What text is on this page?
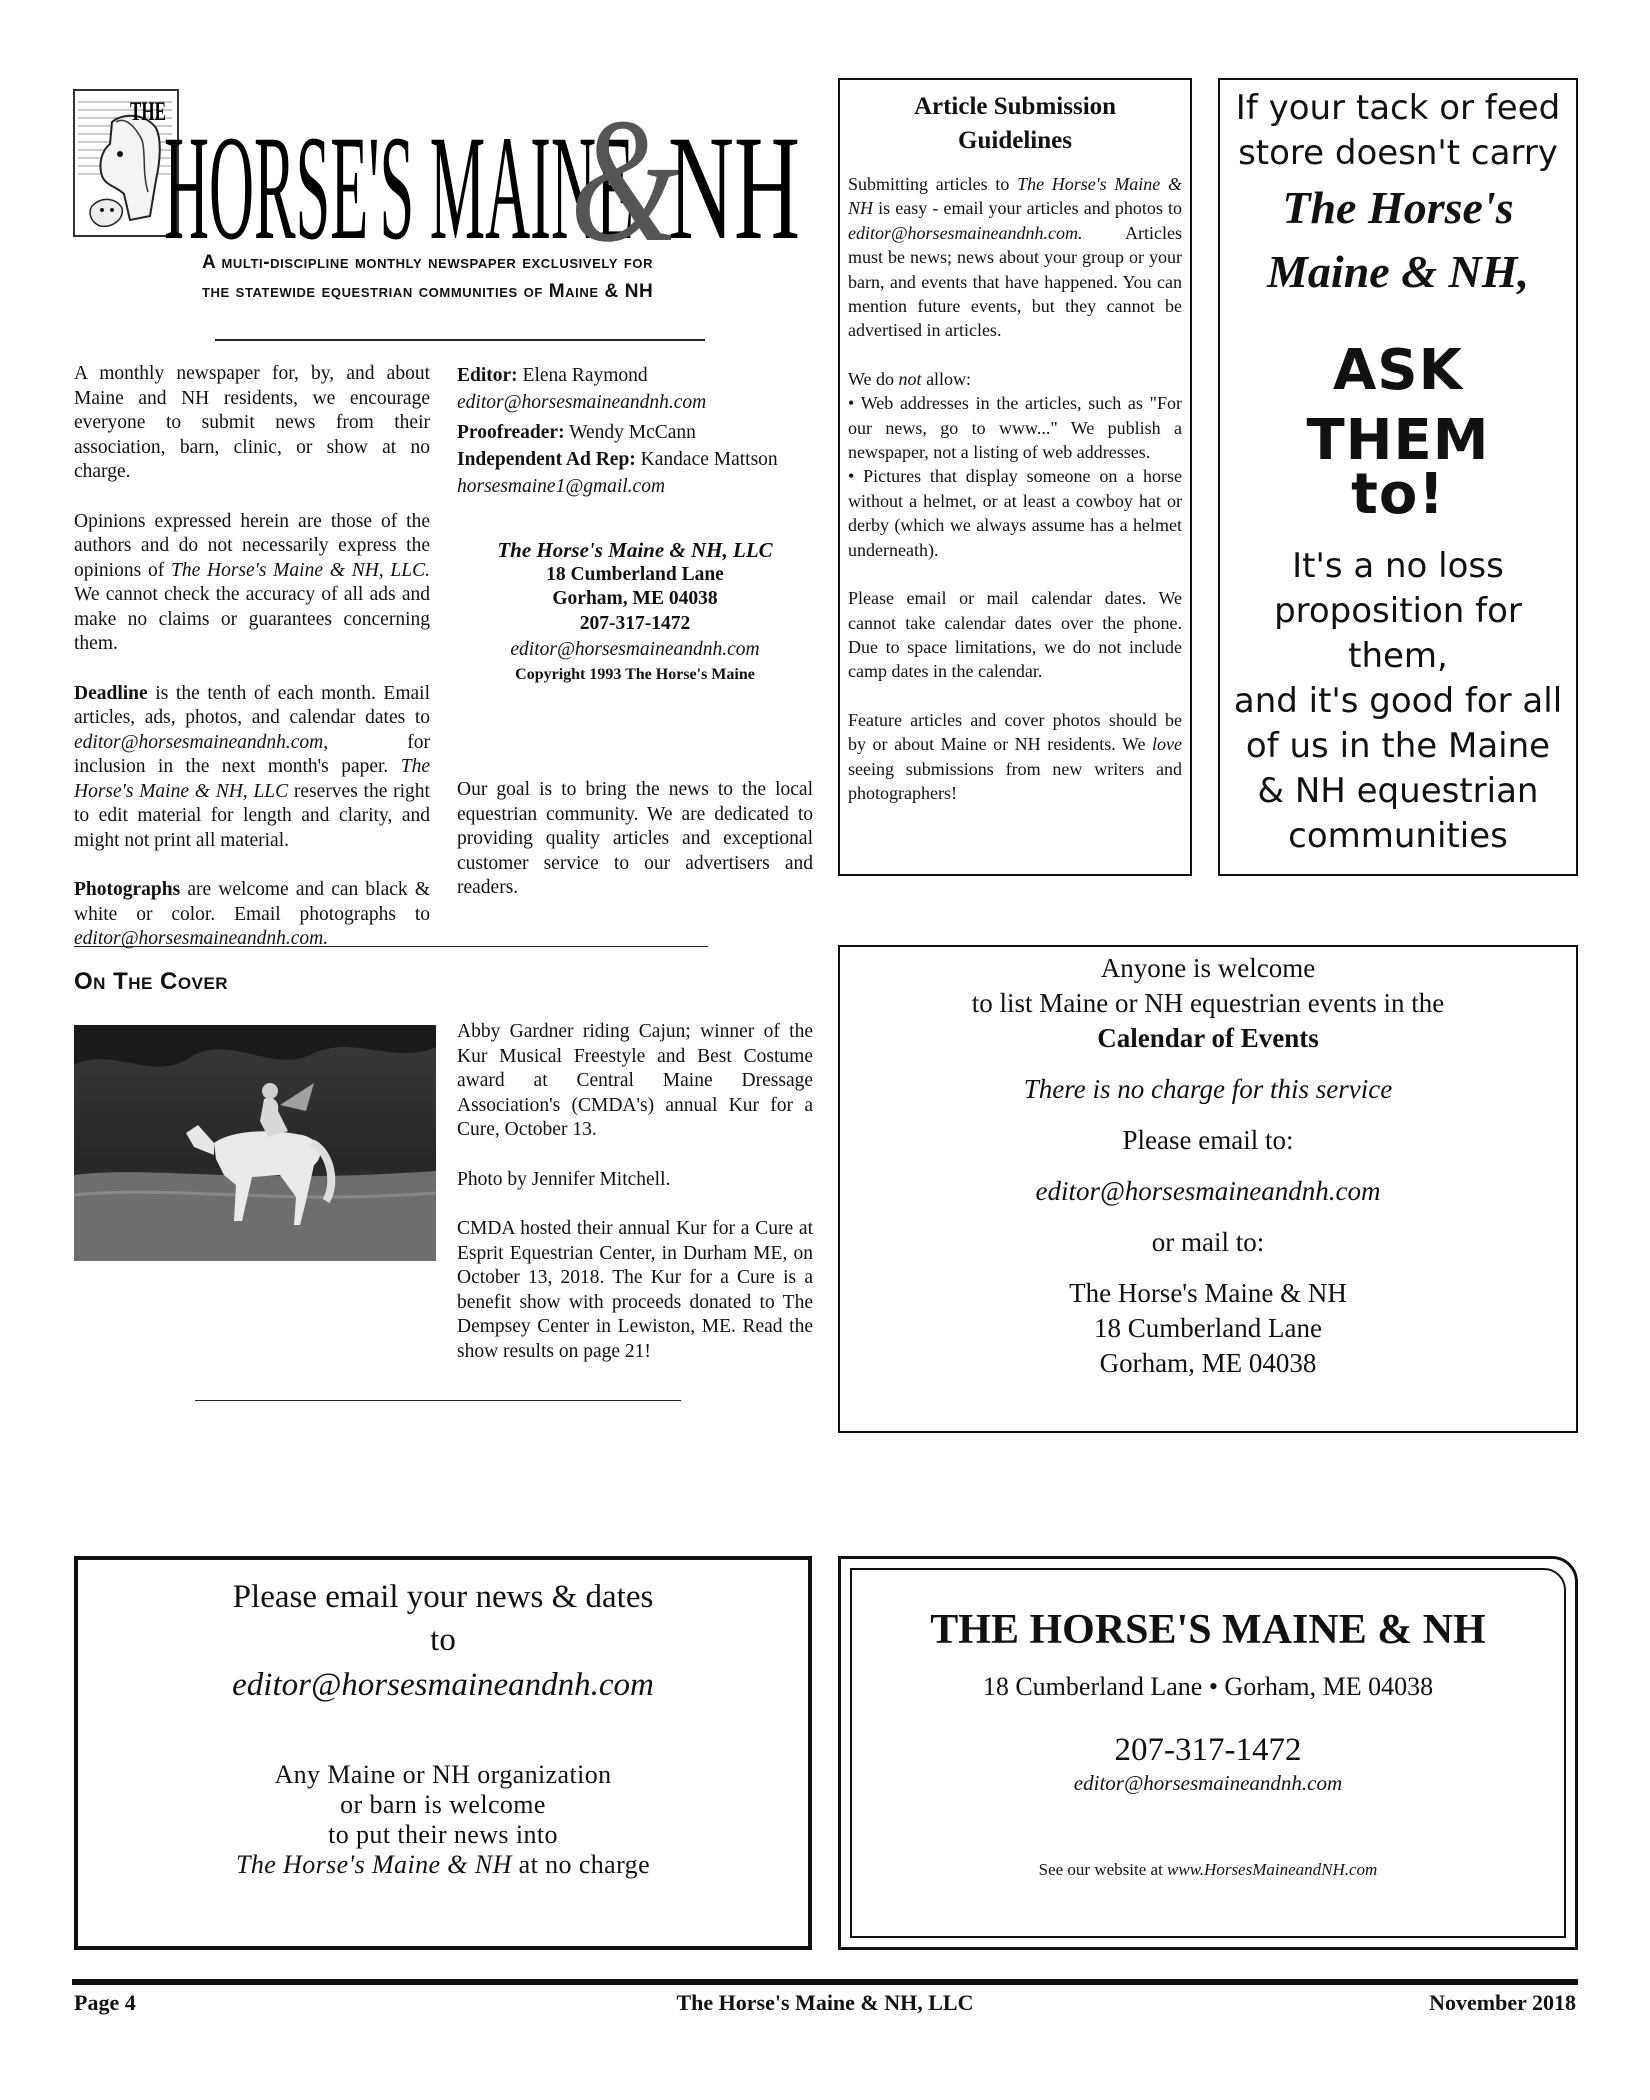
THE
HORSE'S MAINE
&
NH
A multi-discipline monthly newspaper exclusively for
the statewide equestrian communities of Maine & NH

A monthly newspaper for, by, and about Maine and NH residents, we encourage everyone to submit news from their association, barn, clinic, or show at no charge.

Opinions expressed herein are those of the authors and do not necessarily express the opinions of The Horse's Maine & NH, LLC. We cannot check the accuracy of all ads and make no claims or guarantees concerning them.

Deadline is the tenth of each month. Email articles, ads, photos, and calendar dates to editor@horsesmaineandnh.com, for inclusion in the next month's paper. The Horse's Maine & NH, LLC reserves the right to edit material for length and clarity, and might not print all material.

Photographs are welcome and can black & white or color. Email photographs to editor@horsesmaineandnh.com.

Editor: Elena Raymond
editor@horsesmaineandnh.com
Proofreader: Wendy McCann
Independent Ad Rep: Kandace Mattson
horsesmaine1@gmail.com
The Horse's Maine & NH, LLC
18 Cumberland Lane
Gorham, ME 04038
207-317-1472
editor@horsesmaineandnh.com
Copyright 1993 The Horse's Maine
Our goal is to bring the news to the local equestrian community. We are dedicated to providing quality articles and exceptional customer service to our advertisers and readers.
Article Submission
Guidelines

Submitting articles to The Horse's Maine & NH is easy - email your articles and photos to editor@horsesmaineandnh.com. Articles must be news; news about your group or your barn, and events that have happened. You can mention future events, but they cannot be advertised in articles.

We do not allow:
• Web addresses in the articles, such as "For our news, go to www..." We publish a newspaper, not a listing of web addresses.
• Pictures that display someone on a horse without a helmet, or at least a cowboy hat or derby (which we always assume has a helmet underneath).

Please email or mail calendar dates. We cannot take calendar dates over the phone. Due to space limitations, we do not include camp dates in the calendar.

Feature articles and cover photos should be by or about Maine or NH residents. We love seeing submissions from new writers and photographers!

If your tack or feed
store doesn't carry
The Horse's
Maine & NH,
ASK
THEM
to!
It's a no loss
proposition for them,
and it's good for all
of us in the Maine
& NH equestrian
communities
On The Cover

Abby Gardner riding Cajun; winner of the Kur Musical Freestyle and Best Costume award at Central Maine Dressage Association's (CMDA's) annual Kur for a Cure, October 13.

Photo by Jennifer Mitchell.

CMDA hosted their annual Kur for a Cure at Esprit Equestrian Center, in Durham ME, on October 13, 2018. The Kur for a Cure is a benefit show with proceeds donated to The Dempsey Center in Lewiston, ME. Read the show results on page 21!

Anyone is welcome
to list Maine or NH equestrian events in the
Calendar of Events
There is no charge for this service
Please email to:
editor@horsesmaineandnh.com
or mail to:
The Horse's Maine & NH
18 Cumberland Lane
Gorham, ME 04038
Please email your news & dates
to
editor@horsesmaineandnh.com
Any Maine or NH organization
or barn is welcome
to put their news into
The Horse's Maine & NH at no charge
THE HORSE'S MAINE & NH
18 Cumberland Lane • Gorham, ME 04038
207-317-1472
editor@horsesmaineandnh.com
See our website at www.HorsesMaineandNH.com
Page 4	The Horse's Maine & NH, LLC	November 2018
